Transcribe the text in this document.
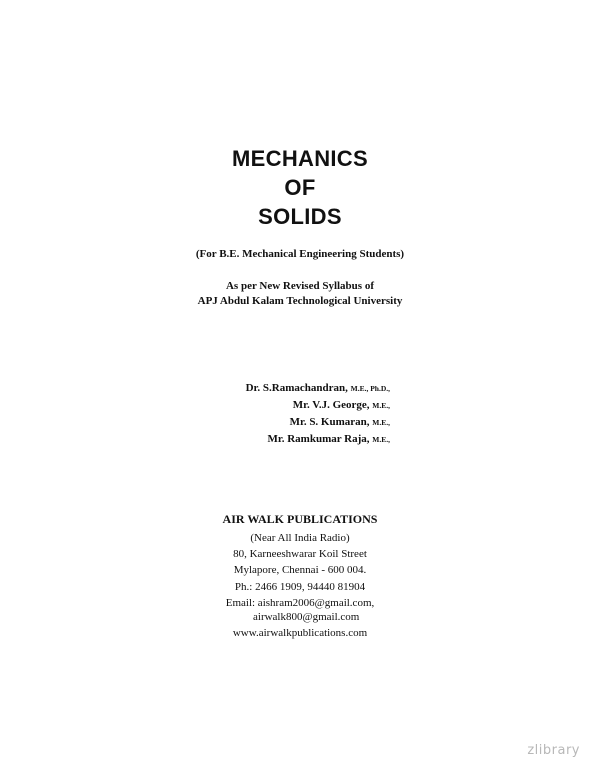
MECHANICS
OF
SOLIDS
(For B.E. Mechanical Engineering Students)
As per New Revised Syllabus of
APJ Abdul Kalam Technological University
Dr. S.Ramachandran, M.E., Ph.D.,
Mr. V.J. George, M.E.,
Mr. S. Kumaran, M.E.,
Mr. Ramkumar Raja, M.E.,
AIR WALK PUBLICATIONS
(Near All India Radio)
80, Karneeshwarar Koil Street
Mylapore, Chennai - 600 004.
Ph.: 2466 1909, 94440 81904
Email: aishram2006@gmail.com,
airwalk800@gmail.com
www.airwalkpublications.com
zlibrary
